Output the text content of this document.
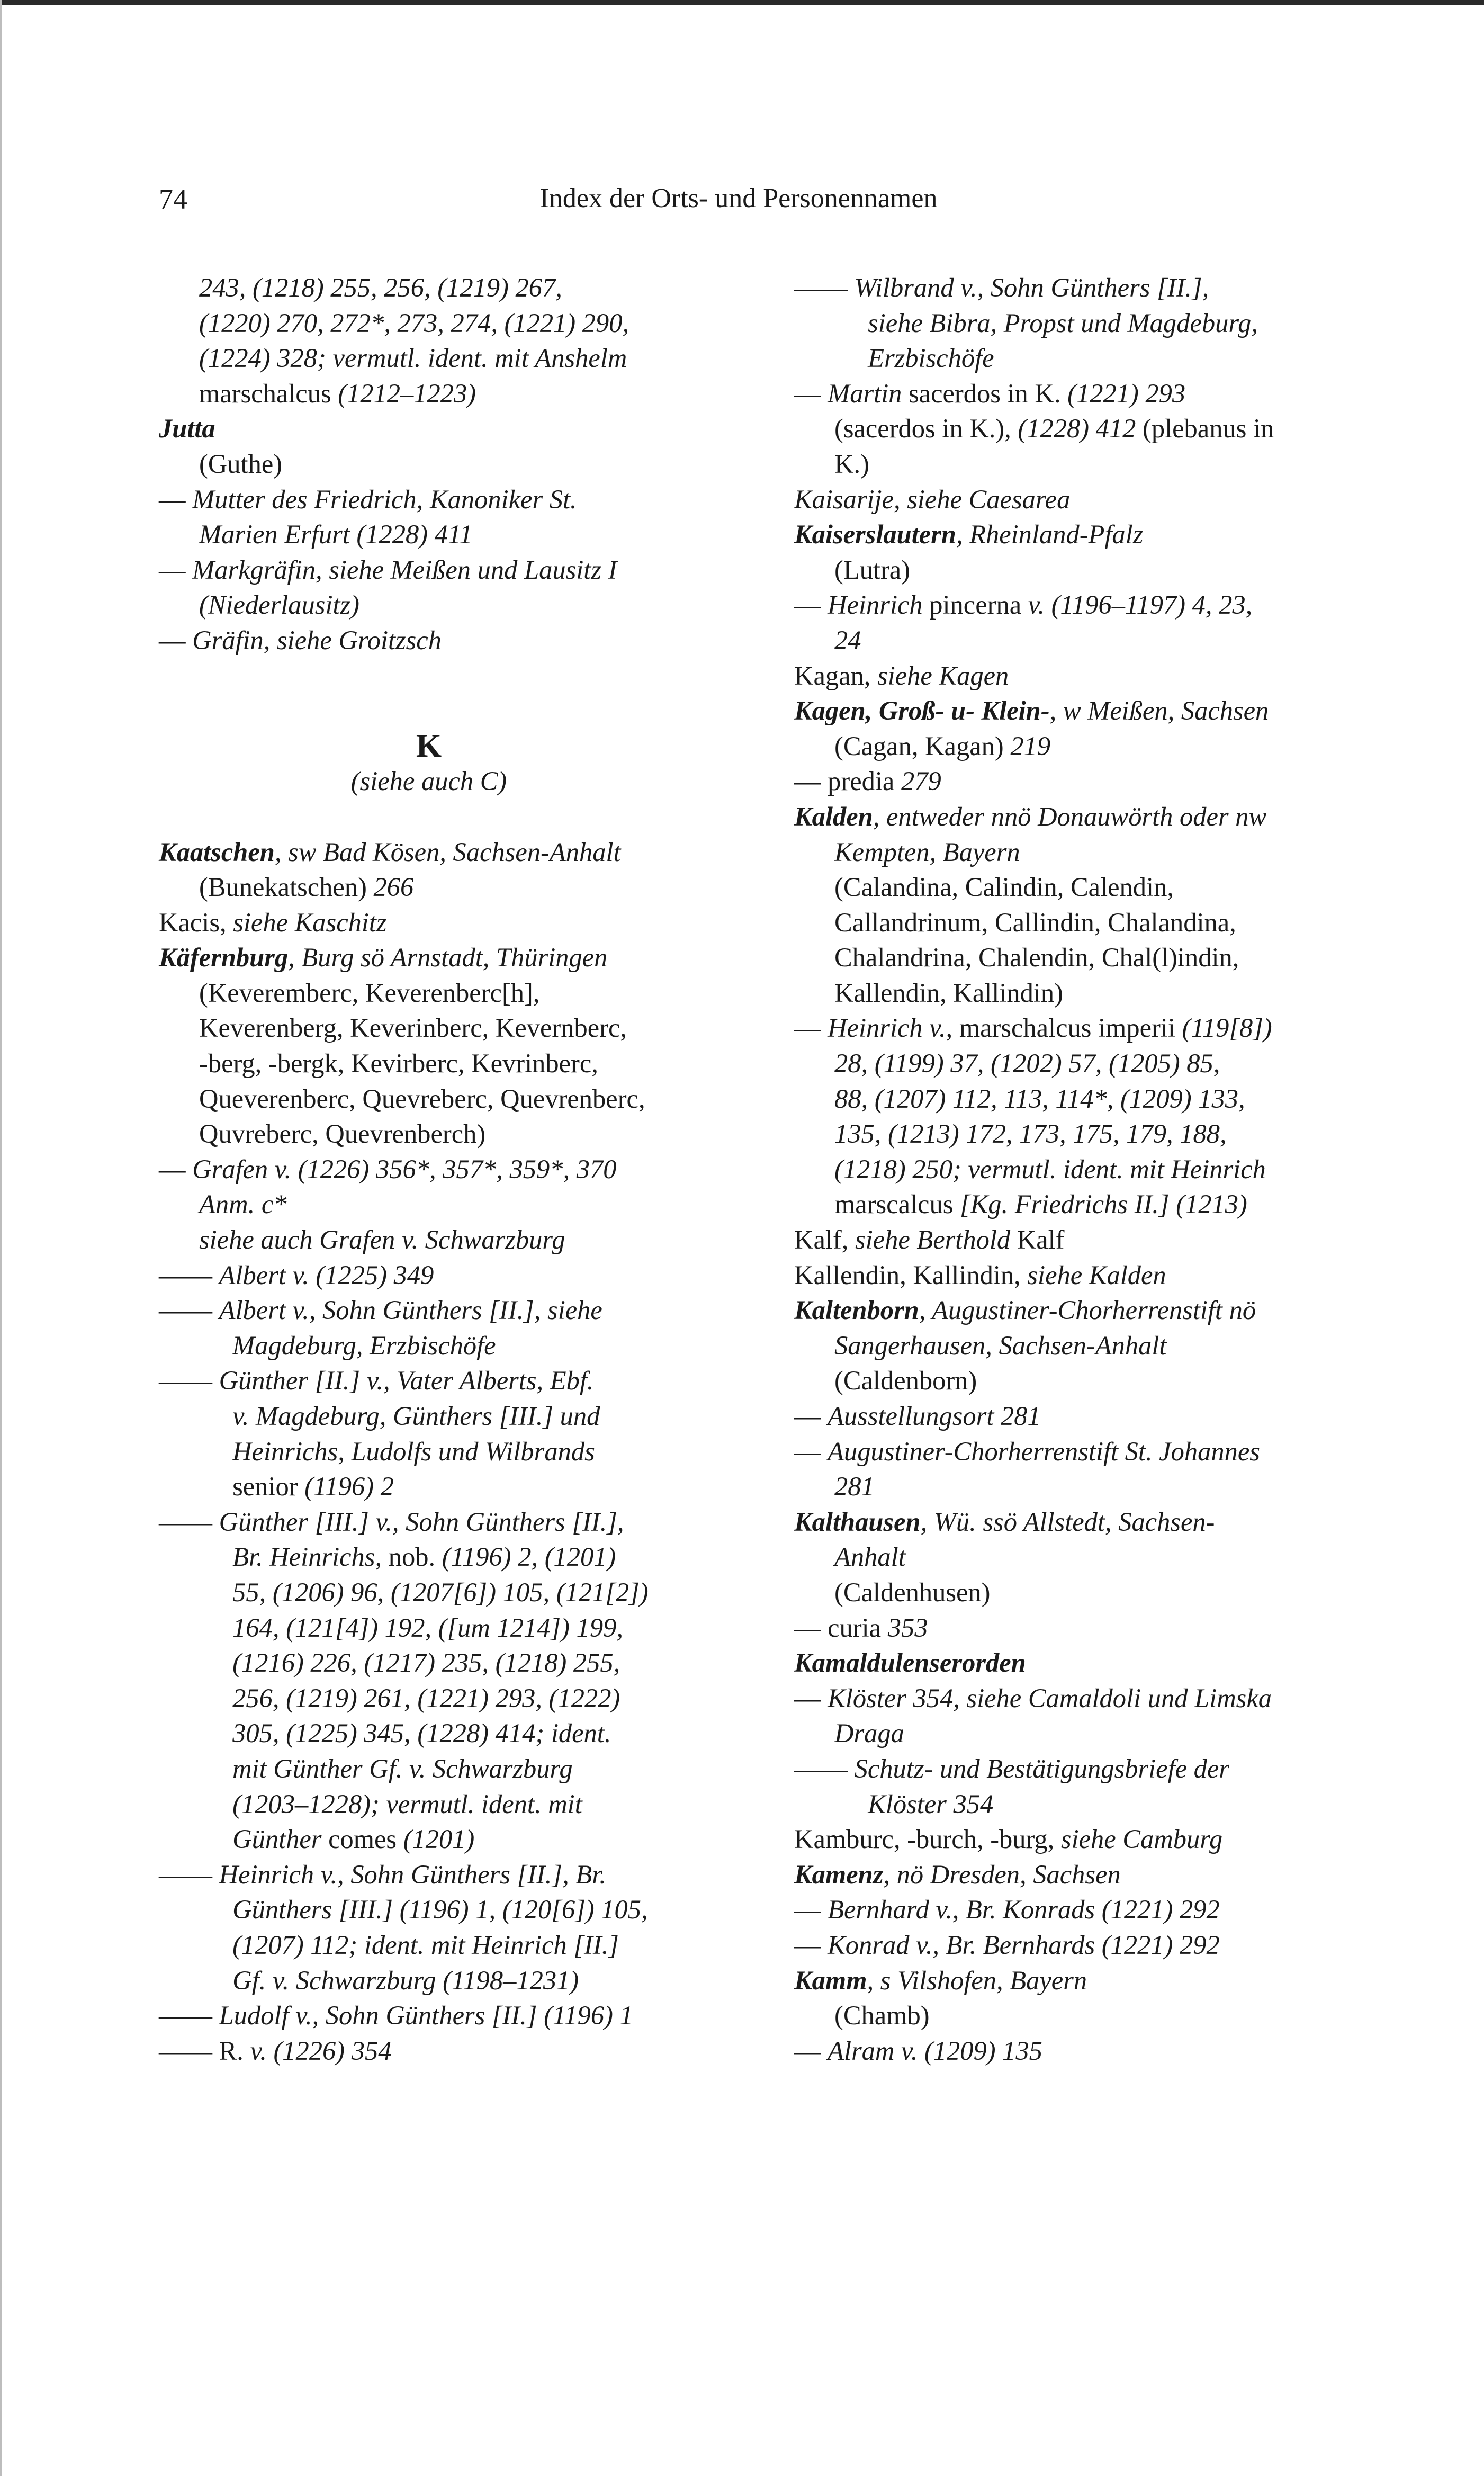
74	Index der Orts- und Personennamen
243, (1218) 255, 256, (1219) 267,
(1220) 270, 272*, 273, 274, (1221) 290,
(1224) 328; vermutl. ident. mit Anshelm
marschalcus (1212–1223)
Jutta
(Guthe)
— Mutter des Friedrich, Kanoniker St.
Marien Erfurt (1228) 411
— Markgräfin, siehe Meißen und Lausitz I
(Niederlausitz)
— Gräfin, siehe Groitzsch
K
(siehe auch C)
Kaatschen, sw Bad Kösen, Sachsen-Anhalt
(Bunekatschen) 266
Kacis, siehe Kaschitz
Käfernburg, Burg sö Arnstadt, Thüringen
(Keveremberc, Keverenberc[h],
Keverenberg, Keverinberc, Kevernberc,
-berg, -bergk, Kevirberc, Kevrinberc,
Queverenberc, Quevreberc, Quevrenberc,
Quvreberc, Quevrenberch)
— Grafen v. (1226) 356*, 357*, 359*, 370
Anm. c*
siehe auch Grafen v. Schwarzburg
—— Albert v. (1225) 349
—— Albert v., Sohn Günthers [II.], siehe
Magdeburg, Erzbischöfe
—— Günther [II.] v., Vater Alberts, Ebf.
v. Magdeburg, Günthers [III.] und
Heinrichs, Ludolfs und Wilbrands
senior (1196) 2
—— Günther [III.] v., Sohn Günthers [II.],
Br. Heinrichs, nob. (1196) 2, (1201)
55, (1206) 96, (1207[6]) 105, (121[2])
164, (121[4]) 192, ([um 1214]) 199,
(1216) 226, (1217) 235, (1218) 255,
256, (1219) 261, (1221) 293, (1222)
305, (1225) 345, (1228) 414; ident.
mit Günther Gf. v. Schwarzburg
(1203–1228); vermutl. ident. mit
Günther comes (1201)
—— Heinrich v., Sohn Günthers [II.], Br.
Günthers [III.] (1196) 1, (120[6]) 105,
(1207) 112; ident. mit Heinrich [II.]
Gf. v. Schwarzburg (1198–1231)
—— Ludolf v., Sohn Günthers [II.] (1196) 1
—— R. v. (1226) 354
—— Wilbrand v., Sohn Günthers [II.],
siehe Bibra, Propst und Magdeburg,
Erzbischöfe
— Martin sacerdos in K. (1221) 293
(sacerdos in K.), (1228) 412 (plebanus in
K.)
Kaisarije, siehe Caesarea
Kaiserslautern, Rheinland-Pfalz
(Lutra)
— Heinrich pincerna v. (1196–1197) 4, 23,
24
Kagan, siehe Kagen
Kagen, Groß- u- Klein-, w Meißen, Sachsen
(Cagan, Kagan) 219
— predia 279
Kalden, entweder nnö Donauwörth oder nw
Kempten, Bayern
(Calandina, Calindin, Calendin,
Callandrinum, Callindin, Chalandina,
Chalandrina, Chalendin, Chal(l)indin,
Kallendin, Kallindin)
— Heinrich v., marschalcus imperii (119[8])
28, (1199) 37, (1202) 57, (1205) 85,
88, (1207) 112, 113, 114*, (1209) 133,
135, (1213) 172, 173, 175, 179, 188,
(1218) 250; vermutl. ident. mit Heinrich
marscalcus [Kg. Friedrichs II.] (1213)
Kalf, siehe Berthold Kalf
Kallendin, Kallindin, siehe Kalden
Kaltenborn, Augustiner-Chorherrenstift nö
Sangerhausen, Sachsen-Anhalt
(Caldenborn)
— Ausstellungsort 281
— Augustiner-Chorherrenstift St. Johannes
281
Kalthausen, Wü. ssö Allstedt, Sachsen-
Anhalt
(Caldenhusen)
— curia 353
Kamaldulenserorden
— Klöster 354, siehe Camaldoli und Limska
Draga
—— Schutz- und Bestätigungsbriefe der
Klöster 354
Kamburc, -burch, -burg, siehe Camburg
Kamenz, nö Dresden, Sachsen
— Bernhard v., Br. Konrads (1221) 292
— Konrad v., Br. Bernhards (1221) 292
Kamm, s Vilshofen, Bayern
(Chamb)
— Alram v. (1209) 135
